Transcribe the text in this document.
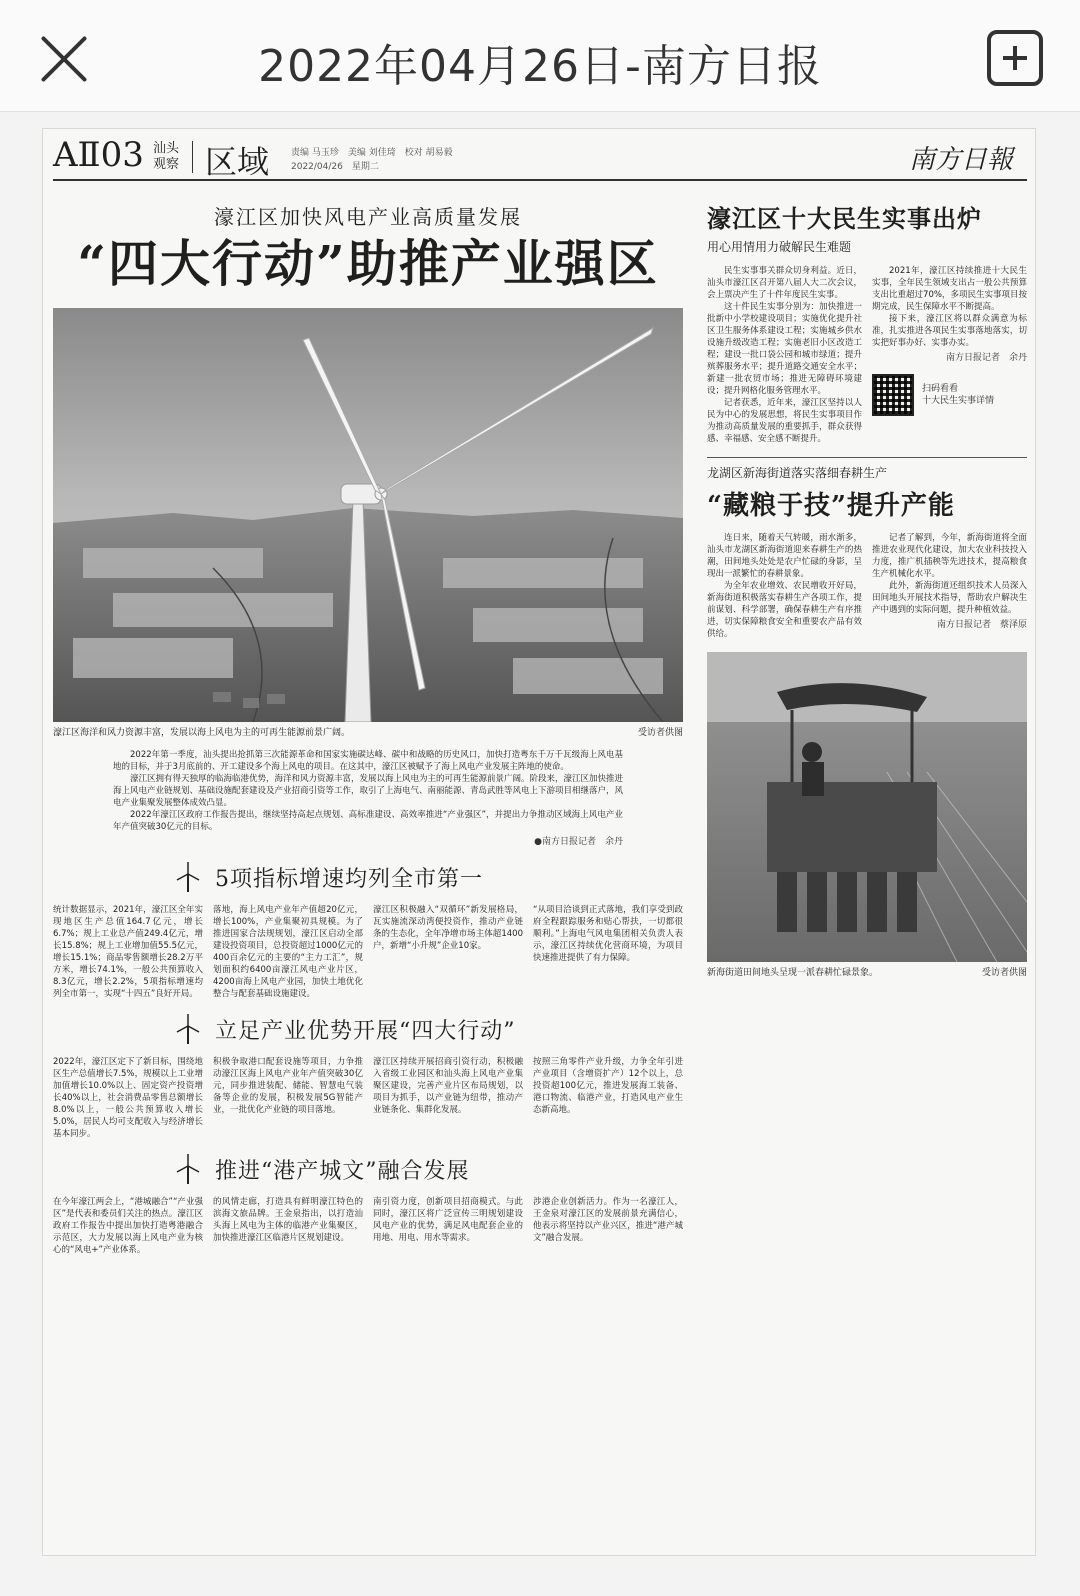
2022年04月26日-南方日报
AⅡ03 汕头观察 区域 责编 马玉珍　美编 刘佳琦　校对 胡易毅
2022/04/26　星期二	南方日報
濠江区加快风电产业高质量发展
“四大行动”助推产业强区
濠江区海洋和风力资源丰富，发展以海上风电为主的可再生能源前景广阔。	受访者供图

2022年第一季度，汕头提出抢抓第三次能源革命和国家实施碳达峰、碳中和战略的历史风口，加快打造粤东千万千瓦级海上风电基地的目标，并于3月底前的、开工建设多个海上风电的项目。在这其中，濠江区被赋予了海上风电产业发展主阵地的使命。

濠江区拥有得天独厚的临海临港优势，海洋和风力资源丰富，发展以海上风电为主的可再生能源前景广阔。阶段来，濠江区加快推进海上风电产业链规划、基础设施配套建设及产业招商引资等工作，取引了上海电气、南丽能源、青岛武胜等风电上下游项目相继落户，风电产业集聚发展整体成效凸显。

2022年濠江区政府工作报告提出，继续坚持高起点规划、高标准建设、高效率推进“产业强区”，并提出力争推动区域海上风电产业年产值突破30亿元的目标。

●南方日报记者　余丹
5项指标增速均列全市第一

统计数据显示，2021年，濠江区全年实现地区生产总值164.7亿元，增长6.7%；规上工业总产值249.4亿元，增长15.8%；规上工业增加值55.5亿元，增长15.1%；商品零售额增长28.2万平方米，增长74.1%，一般公共预算收入8.3亿元，增长2.2%，5项指标增速均列全市第一，实现“十四五”良好开局。

落地，海上风电产业年产值超20亿元，增长100%，产业集聚初具规模。为了推进国家合法规规划，濠江区启动全部建设投资项目，总投资超过1000亿元的400百余亿元的主要的“主力工汇”，规划面积约6400亩濠江风电产业片区，4200亩海上风电产业园，加快土地优化整合与配套基础设施建设。

濠江区积极融入“双循环”新发展格局，瓦实施流深动湾便投资作，推动产业链条的生态化，全年净增市场主体超1400户，新增“小升规”企业10家。

“从项目洽谈到正式落地，我们享受到政府全程跟踪服务和贴心帮扶，一切都很顺利。”上海电气风电集团相关负责人表示，濠江区持续优化营商环境，为项目快速推进提供了有力保障。

立足产业优势开展“四大行动”

2022年，濠江区定下了新目标，围绕地区生产总值增长7.5%，规模以上工业增加值增长10.0%以上、固定资产投资增长40%以上，社会消费品零售总额增长8.0%以上，一般公共预算收入增长5.0%，居民人均可支配收入与经济增长基本同步。

积极争取港口配套设施等项目，力争推动濠江区海上风电产业年产值突破30亿元，同步推进装配、储能、智慧电气装备等企业的发展，积极发展5G智能产业，一批优化产业链的项目落地。

濠江区持续开展招商引资行动，积极融入省级工业园区和汕头海上风电产业集聚区建设，完善产业片区布局规划，以项目为抓手，以产业链为纽带，推动产业链条化、集群化发展。

按照三角零件产业升级，力争全年引进产业项目（含增资扩产）12个以上，总投资超100亿元，推进发展海工装备、港口物流、临港产业，打造风电产业生态新高地。

推进“港产城文”融合发展

在今年濠江两会上，“港城融合”“产业强区”是代表和委员们关注的热点。濠江区政府工作报告中提出加快打造粤港融合示范区，大力发展以海上风电产业为核心的“风电+”产业体系。

的风情走廊，打造具有鲜明濠江特色的滨海文旅品牌。王金泉指出，以打造汕头海上风电为主体的临港产业集聚区，加快推进濠江区临港片区规划建设。

南引资力度，创新项目招商模式。与此同时，濠江区将广泛宣传三明规划建设风电产业的优势，满足风电配套企业的用地、用电、用水等需求。

涉港企业创新活力。作为一名濠江人，王金泉对濠江区的发展前景充满信心，他表示将坚持以产业兴区，推进“港产城文”融合发展。

濠江区十大民生实事出炉
用心用情用力破解民生难题

民生实事事关群众切身利益。近日，汕头市濠江区召开第八届人大二次会议，会上票决产生了十件年度民生实事。

这十件民生实事分别为：加快推进一批新中小学校建设项目；实施优化提升社区卫生服务体系建设工程；实施城乡供水设施升级改造工程；实施老旧小区改造工程；建设一批口袋公园和城市绿道；提升殡葬服务水平；提升道路交通安全水平；新建一批农贸市场；推进无障碍环境建设；提升网格化服务管理水平。

记者获悉，近年来，濠江区坚持以人民为中心的发展思想，将民生实事项目作为推动高质量发展的重要抓手，群众获得感、幸福感、安全感不断提升。

2021年，濠江区持续推进十大民生实事，全年民生领域支出占一般公共预算支出比重超过70%，多项民生实事项目按期完成，民生保障水平不断提高。

接下来，濠江区将以群众满意为标准，扎实推进各项民生实事落地落实，切实把好事办好、实事办实。

南方日报记者　余丹
扫码看看
十大民生实事详情
龙湖区新海街道落实落细春耕生产
“藏粮于技”提升产能

连日来，随着天气转暖，雨水渐多，汕头市龙湖区新海街道迎来春耕生产的热潮，田间地头处处是农户忙碌的身影，呈现出一派繁忙的春耕景象。

为全年农业增效、农民增收开好局，新海街道积极落实春耕生产各项工作，提前谋划、科学部署，确保春耕生产有序推进，切实保障粮食安全和重要农产品有效供给。

记者了解到，今年，新海街道将全面推进农业现代化建设，加大农业科技投入力度，推广机插秧等先进技术，提高粮食生产机械化水平。

此外，新海街道还组织技术人员深入田间地头开展技术指导，帮助农户解决生产中遇到的实际问题，提升种植效益。

南方日报记者　蔡泽原
新海街道田间地头呈现一派春耕忙碌景象。	受访者供图
